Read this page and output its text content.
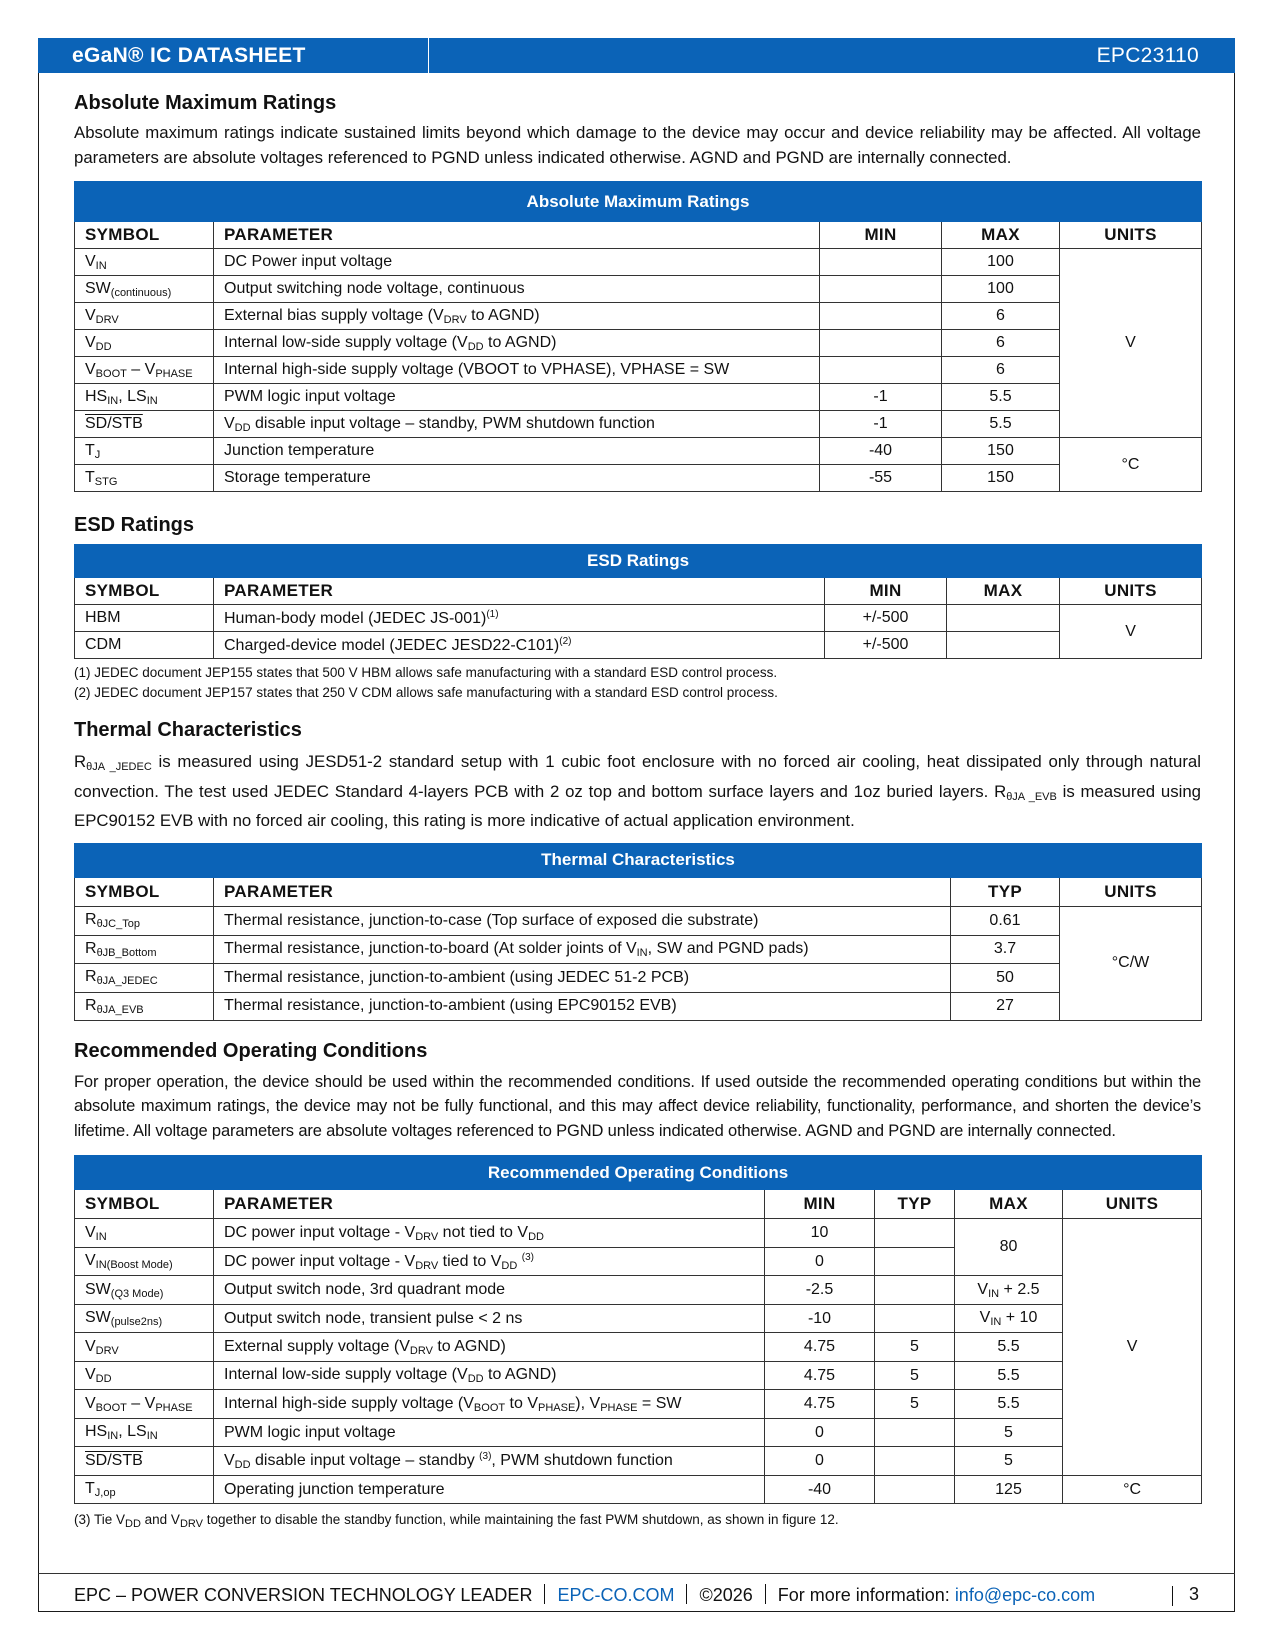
eGaN® IC DATASHEET	EPC23110
Absolute Maximum Ratings

Absolute maximum ratings indicate sustained limits beyond which damage to the device may occur and device reliability may be affected. All voltage parameters are absolute voltages referenced to PGND unless indicated otherwise. AGND and PGND are internally connected.

Absolute Maximum Ratings				
SYMBOL	PARAMETER	MIN	MAX	UNITS
$V_{IN}$	DC Power input voltage		100	V
$SW_{(continuous)}$	Output switching node voltage, continuous		100	
$V_{DRV}$	External bias supply voltage ($V_{DRV}$ to AGND)		6	
$V_{DD}$	Internal low-side supply voltage ($V_{DD}$ to AGND)		6	
$V_{BOOT} - V_{PHASE}$	Internal high-side supply voltage (VBOOT to VPHASE), VPHASE = SW		6	
$HS_{IN}$, $LS_{IN}$	PWM logic input voltage	-1	5.5	
SD/STB	$V_{DD}$ disable input voltage – standby, PWM shutdown function	-1	5.5	
$T_J$	Junction temperature	-40	150	°C
$T_{STG}$	Storage temperature	-55	150	
ESD Ratings
ESD Ratings				
SYMBOL	PARAMETER	MIN	MAX	UNITS
HBM	Human-body model (JEDEC JS-001)$^{(1)}$	+/-500		V
CDM	Charged-device model (JEDEC JESD22-C101)$^{(2)}$	+/-500		
(1) JEDEC document JEP155 states that 500 V HBM allows safe manufacturing with a standard ESD control process.
(2) JEDEC document JEP157 states that 250 V CDM allows safe manufacturing with a standard ESD control process.
Thermal Characteristics

$R_{\theta JA \_JEDEC}$ is measured using JESD51-2 standard setup with 1 cubic foot enclosure with no forced air cooling, heat dissipated only through natural convection. The test used JEDEC Standard 4-layers PCB with 2 oz top and bottom surface layers and 1oz buried layers. $R_{\theta JA \_EVB}$ is measured using EPC90152 EVB with no forced air cooling, this rating is more indicative of actual application environment.

Thermal Characteristics			
SYMBOL	PARAMETER	TYP	UNITS
$R_{\theta JC\_Top}$	Thermal resistance, junction-to-case (Top surface of exposed die substrate)	0.61	°C/W
$R_{\theta JB\_Bottom}$	Thermal resistance, junction-to-board (At solder joints of $V_{IN}$, SW and PGND pads)	3.7	
$R_{\theta JA\_JEDEC}$	Thermal resistance, junction-to-ambient (using JEDEC 51-2 PCB)	50	
$R_{\theta JA\_EVB}$	Thermal resistance, junction-to-ambient (using EPC90152 EVB)	27	
Recommended Operating Conditions

For proper operation, the device should be used within the recommended conditions. If used outside the recommended operating conditions but within the absolute maximum ratings, the device may not be fully functional, and this may affect device reliability, functionality, performance, and shorten the device’s lifetime. All voltage parameters are absolute voltages referenced to PGND unless indicated otherwise. AGND and PGND are internally connected.

Recommended Operating Conditions					
SYMBOL	PARAMETER	MIN	TYP	MAX	UNITS
$V_{IN}$	DC power input voltage - $V_{DRV}$ not tied to $V_{DD}$	10		80	V
$V_{IN(Boost Mode)}$	DC power input voltage - $V_{DRV}$ tied to $V_{DD}$ $^{(3)}$	0			
$SW_{(Q3 Mode)}$	Output switch node, 3rd quadrant mode	-2.5		$V_{IN} + 2.5$	
$SW_{(pulse2ns)}$	Output switch node, transient pulse < 2 ns	-10		$V_{IN} + 10$	
$V_{DRV}$	External supply voltage ($V_{DRV}$ to AGND)	4.75	5	5.5	
$V_{DD}$	Internal low-side supply voltage ($V_{DD}$ to AGND)	4.75	5	5.5	
$V_{BOOT} - V_{PHASE}$	Internal high-side supply voltage ($V_{BOOT}$ to $V_{PHASE}$), $V_{PHASE}$ = SW	4.75	5	5.5	
$HS_{IN}$, $LS_{IN}$	PWM logic input voltage	0		5	
SD/STB	$V_{DD}$ disable input voltage – standby $^{(3)}$, PWM shutdown function	0		5	
$T_{J,op}$	Operating junction temperature	-40		125	°C
(3) Tie $V_{DD}$ and $V_{DRV}$ together to disable the standby function, while maintaining the fast PWM shutdown, as shown in figure 12.
EPC – POWER CONVERSION TECHNOLOGY LEADER EPC-CO.COM ©2026 For more information: info@epc-co.com	3
